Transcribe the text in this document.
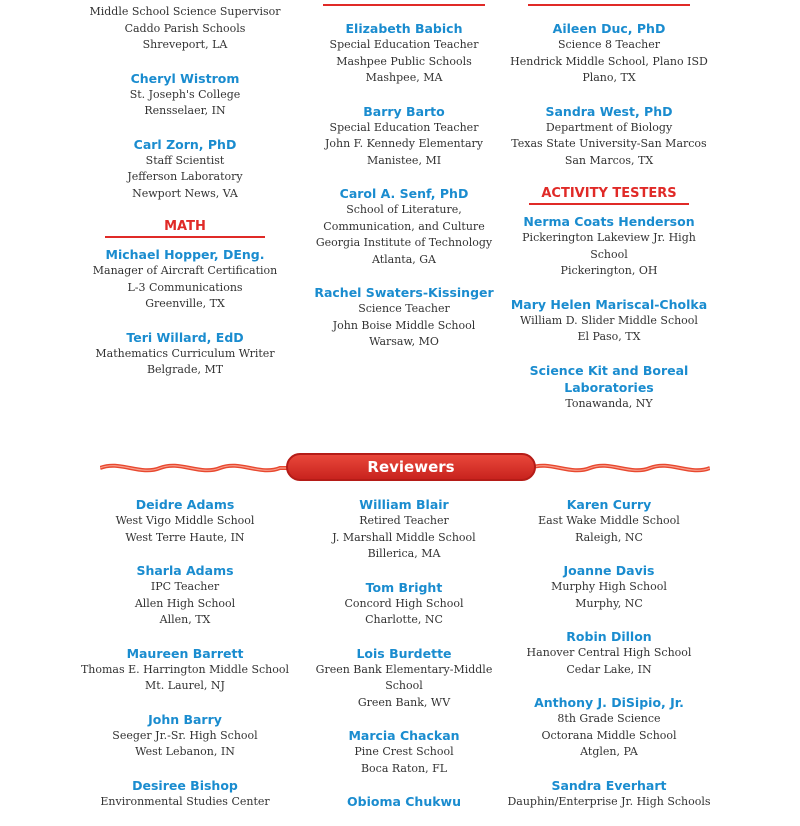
Middle School Science Supervisor
Caddo Parish Schools
Shreveport, LA
Cheryl Wistrom
St. Joseph's College
Rensselaer, IN
Carl Zorn, PhD
Staff Scientist
Jefferson Laboratory
Newport News, VA
MATH
Michael Hopper, DEng.
Manager of Aircraft Certification
L-3 Communications
Greenville, TX
Teri Willard, EdD
Mathematics Curriculum Writer
Belgrade, MT
Elizabeth Babich
Special Education Teacher
Mashpee Public Schools
Mashpee, MA
Barry Barto
Special Education Teacher
John F. Kennedy Elementary
Manistee, MI
Carol A. Senf, PhD
School of Literature,
Communication, and Culture
Georgia Institute of Technology
Atlanta, GA
Rachel Swaters-Kissinger
Science Teacher
John Boise Middle School
Warsaw, MO
Aileen Duc, PhD
Science 8 Teacher
Hendrick Middle School, Plano ISD
Plano, TX
Sandra West, PhD
Department of Biology
Texas State University-San Marcos
San Marcos, TX
ACTIVITY TESTERS
Nerma Coats Henderson
Pickerington Lakeview Jr. High
School
Pickerington, OH
Mary Helen Mariscal-Cholka
William D. Slider Middle School
El Paso, TX
Science Kit and Boreal Laboratories
Tonawanda, NY
Reviewers
Deidre Adams
West Vigo Middle School
West Terre Haute, IN
Sharla Adams
IPC Teacher
Allen High School
Allen, TX
Maureen Barrett
Thomas E. Harrington Middle School
Mt. Laurel, NJ
John Barry
Seeger Jr.-Sr. High School
West Lebanon, IN
Desiree Bishop
Environmental Studies Center
William Blair
Retired Teacher
J. Marshall Middle School
Billerica, MA
Tom Bright
Concord High School
Charlotte, NC
Lois Burdette
Green Bank Elementary-Middle
School
Green Bank, WV
Marcia Chackan
Pine Crest School
Boca Raton, FL
Obioma Chukwu
Karen Curry
East Wake Middle School
Raleigh, NC
Joanne Davis
Murphy High School
Murphy, NC
Robin Dillon
Hanover Central High School
Cedar Lake, IN
Anthony J. DiSipio, Jr.
8th Grade Science
Octorana Middle School
Atglen, PA
Sandra Everhart
Dauphin/Enterprise Jr. High Schools
